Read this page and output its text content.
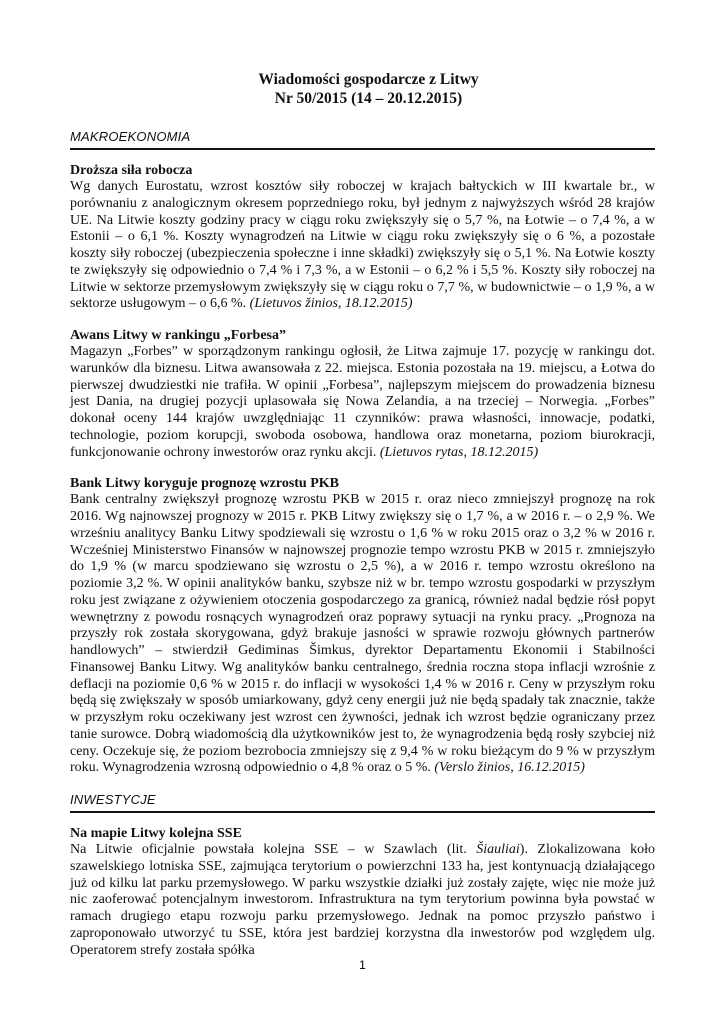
Wiadomości gospodarcze z Litwy
Nr 50/2015 (14 – 20.12.2015)
MAKROEKONOMIA
Droższa siła robocza

Wg danych Eurostatu, wzrost kosztów siły roboczej w krajach bałtyckich w III kwartale br., w porównaniu z analogicznym okresem poprzedniego roku, był jednym z najwyższych wśród 28 krajów UE. Na Litwie koszty godziny pracy w ciągu roku zwiększyły się o 5,7 %, na Łotwie – o 7,4 %, a w Estonii – o 6,1 %. Koszty wynagrodzeń na Litwie w ciągu roku zwiększyły się o 6 %, a pozostałe koszty siły roboczej (ubezpieczenia społeczne i inne składki) zwiększyły się o 5,1 %. Na Łotwie koszty te zwiększyły się odpowiednio o 7,4 % i 7,3 %, a w Estonii – o 6,2 % i 5,5 %. Koszty siły roboczej na Litwie w sektorze przemysłowym zwiększyły się w ciągu roku o 7,7 %, w budownictwie – o 1,9 %, a w sektorze usługowym – o 6,6 %. (Lietuvos žinios, 18.12.2015)

Awans Litwy w rankingu „Forbesa”

Magazyn „Forbes” w sporządzonym rankingu ogłosił, że Litwa zajmuje 17. pozycję w rankingu dot. warunków dla biznesu. Litwa awansowała z 22. miejsca. Estonia pozostała na 19. miejscu, a Łotwa do pierwszej dwudziestki nie trafiła. W opinii „Forbesa”, najlepszym miejscem do prowadzenia biznesu jest Dania, na drugiej pozycji uplasowała się Nowa Zelandia, a na trzeciej – Norwegia. „Forbes” dokonał oceny 144 krajów uwzględniając 11 czynników: prawa własności, innowacje, podatki, technologie, poziom korupcji, swoboda osobowa, handlowa oraz monetarna, poziom biurokracji, funkcjonowanie ochrony inwestorów oraz rynku akcji. (Lietuvos rytas, 18.12.2015)

Bank Litwy koryguje prognozę wzrostu PKB

Bank centralny zwiększył prognozę wzrostu PKB w 2015 r. oraz nieco zmniejszył prognozę na rok 2016. Wg najnowszej prognozy w 2015 r. PKB Litwy zwiększy się o 1,7 %, a w 2016 r. – o 2,9 %. We wrześniu analitycy Banku Litwy spodziewali się wzrostu o 1,6 % w roku 2015 oraz o 3,2 % w 2016 r. Wcześniej Ministerstwo Finansów w najnowszej prognozie tempo wzrostu PKB w 2015 r. zmniejszyło do 1,9 % (w marcu spodziewano się wzrostu o 2,5 %), a w 2016 r. tempo wzrostu określono na poziomie 3,2 %. W opinii analityków banku, szybsze niż w br. tempo wzrostu gospodarki w przyszłym roku jest związane z ożywieniem otoczenia gospodarczego za granicą, również nadal będzie rósł popyt wewnętrzny z powodu rosnących wynagrodzeń oraz poprawy sytuacji na rynku pracy. „Prognoza na przyszły rok została skorygowana, gdyż brakuje jasności w sprawie rozwoju głównych partnerów handlowych” – stwierdził Gediminas Šimkus, dyrektor Departamentu Ekonomii i Stabilności Finansowej Banku Litwy. Wg analityków banku centralnego, średnia roczna stopa inflacji wzrośnie z deflacji na poziomie 0,6 % w 2015 r. do inflacji w wysokości 1,4 % w 2016 r. Ceny w przyszłym roku będą się zwiększały w sposób umiarkowany, gdyż ceny energii już nie będą spadały tak znacznie, także w przyszłym roku oczekiwany jest wzrost cen żywności, jednak ich wzrost będzie ograniczany przez tanie surowce. Dobrą wiadomością dla użytkowników jest to, że wynagrodzenia będą rosły szybciej niż ceny. Oczekuje się, że poziom bezrobocia zmniejszy się z 9,4 % w roku bieżącym do 9 % w przyszłym roku. Wynagrodzenia wzrosną odpowiednio o 4,8 % oraz o 5 %. (Verslo žinios, 16.12.2015)

INWESTYCJE
Na mapie Litwy kolejna SSE

Na Litwie oficjalnie powstała kolejna SSE – w Szawlach (lit. Šiauliai). Zlokalizowana koło szawelskiego lotniska SSE, zajmująca terytorium o powierzchni 133 ha, jest kontynuacją działającego już od kilku lat parku przemysłowego. W parku wszystkie działki już zostały zajęte, więc nie może już nic zaoferować potencjalnym inwestorom. Infrastruktura na tym terytorium powinna była powstać w ramach drugiego etapu rozwoju parku przemysłowego. Jednak na pomoc przyszło państwo i zaproponowało utworzyć tu SSE, która jest bardziej korzystna dla inwestorów pod względem ulg. Operatorem strefy została spółka

1
